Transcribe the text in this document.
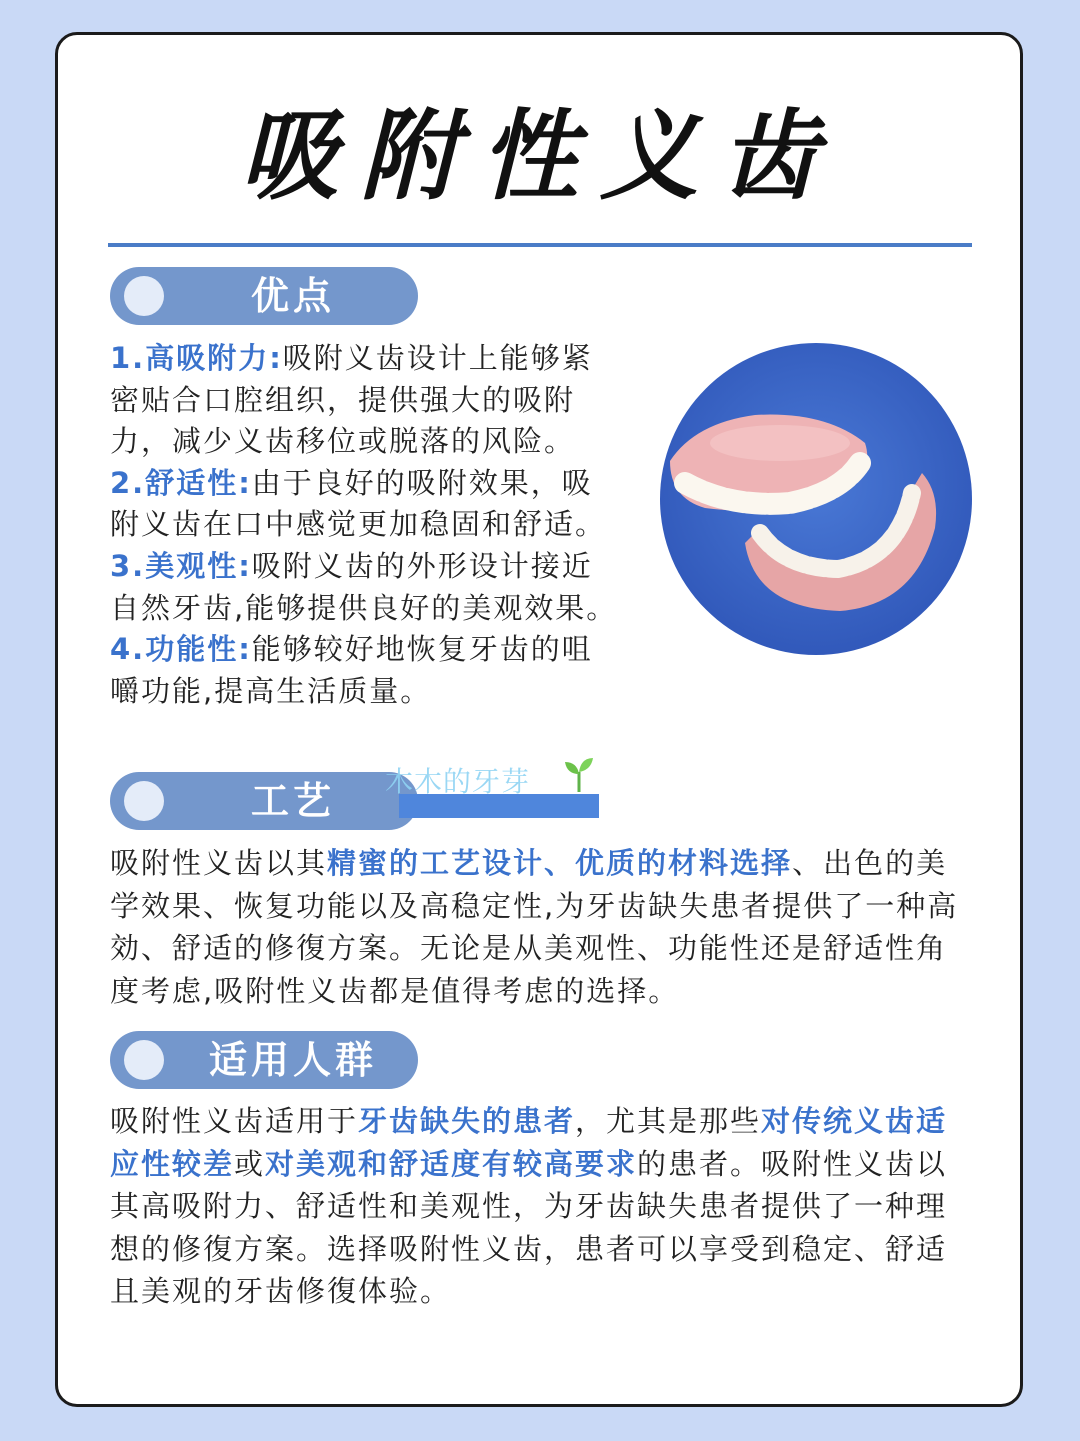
吸附性义齿
优点

1.高吸附力:吸附义齿设计上能够紧密贴合口腔组织，提供强大的吸附力，减少义齿移位或脱落的风险。

2.舒适性:由于良好的吸附效果，吸附义齿在口中感觉更加稳固和舒适。

3.美观性:吸附义齿的外形设计接近自然牙齿,能够提供良好的美观效果。

4.功能性:能够较好地恢复牙齿的咀嚼功能,提高生活质量。

工艺	木木的牙芽
吸附性义齿以其精蜜的工艺设计、优质的材料选择、出色的美学效果、恢复功能以及高稳定性,为牙齿缺失患者提供了一种高効、舒适的修復方案。无论是从美观性、功能性还是舒适性角度考虑,吸附性义齿都是值得考虑的选择。
适用人群
吸附性义齿适用于牙齿缺失的患者，尤其是那些对传统义齿适应性较差或对美观和舒适度有较高要求的患者。吸附性义齿以其高吸附力、舒适性和美观性，为牙齿缺失患者提供了一种理想的修復方案。选择吸附性义齿，患者可以享受到稳定、舒适且美观的牙齿修復体验。
